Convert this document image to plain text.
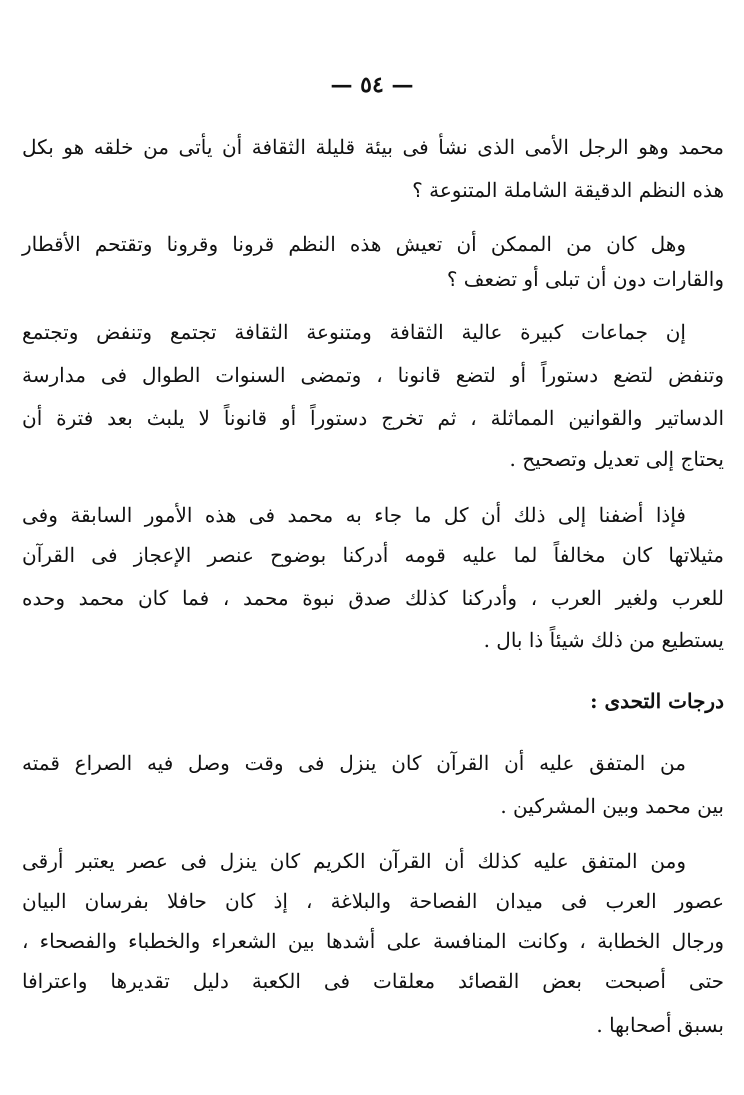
— ٥٤ —
محمد وهو الرجل الأمى الذى نشأ فى بيئة قليلة الثقافة أن يأتى من خلقه هو بكل
هذه النظم الدقيقة الشاملة المتنوعة ؟
وهل كان من الممكن أن تعيش هذه النظم قرونا وقرونا وتقتحم الأقطار
والقارات دون أن تبلى أو تضعف ؟
إن جماعات كبيرة عالية الثقافة ومتنوعة الثقافة تجتمع وتنفض وتجتمع
وتنفض لتضع دستوراً أو لتضع قانونا ، وتمضى السنوات الطوال فى مدارسة
الدساتير والقوانين المماثلة ، ثم تخرج دستوراً أو قانوناً لا يلبث بعد فترة أن
يحتاج إلى تعديل وتصحيح .
فإذا أضفنا إلى ذلك أن كل ما جاء به محمد فى هذه الأمور السابقة وفى
مثيلاتها كان مخالفاً لما عليه قومه أدركنا بوضوح عنصر الإعجاز فى القرآن
للعرب ولغير العرب ، وأدركنا كذلك صدق نبوة محمد ، فما كان محمد وحده
يستطيع من ذلك شيئاً ذا بال .
درجات التحدى :
من المتفق عليه أن القرآن كان ينزل فى وقت وصل فيه الصراع قمته
بين محمد وبين المشركين .
ومن المتفق عليه كذلك أن القرآن الكريم كان ينزل فى عصر يعتبر أرقى
عصور العرب فى ميدان الفصاحة والبلاغة ، إذ كان حافلا بفرسان البيان
ورجال الخطابة ، وكانت المنافسة على أشدها بين الشعراء والخطباء والفصحاء ،
حتى أصبحت بعض القصائد معلقات فى الكعبة دليل تقديرها واعترافا
بسبق أصحابها .
